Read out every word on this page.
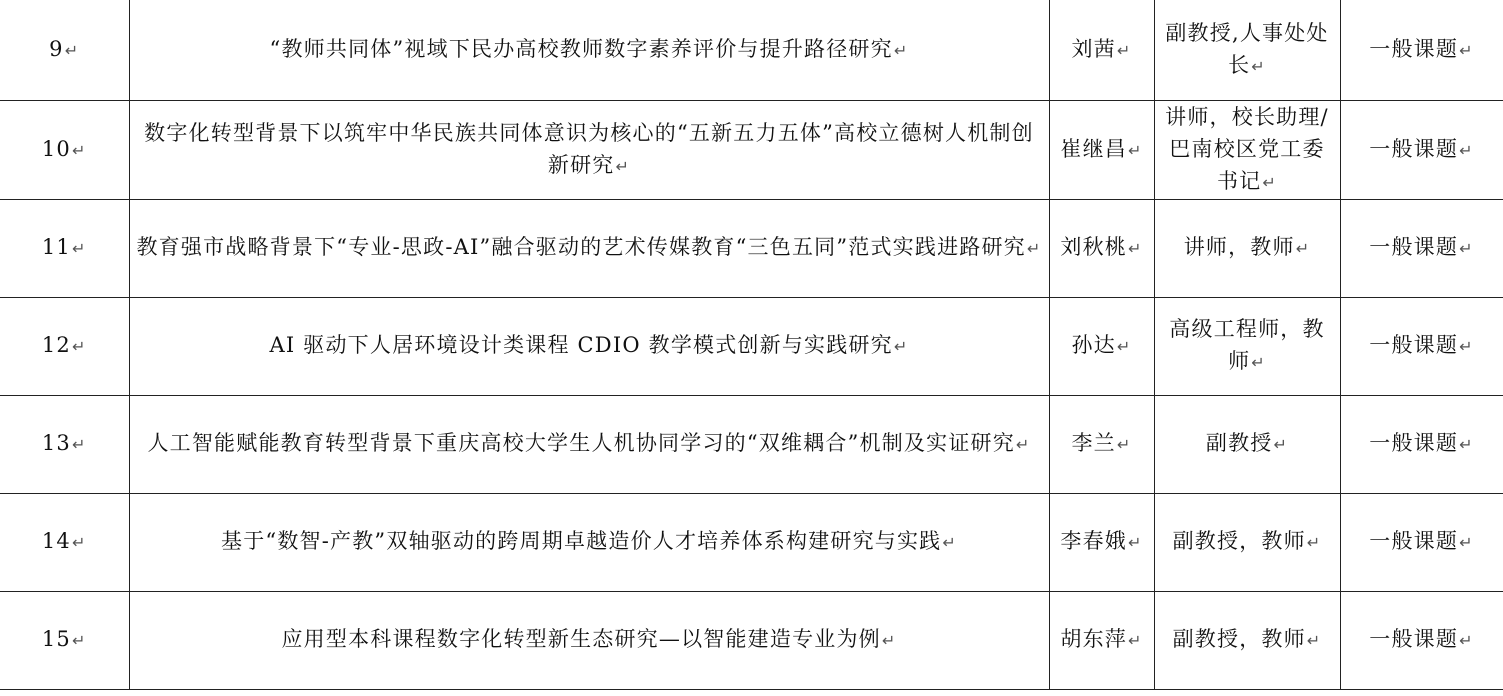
9↵	“教师共同体”视域下民办高校教师数字素养评价与提升路径研究↵	刘茜↵	副教授,人事处处长↵	一般课题↵
10↵	数字化转型背景下以筑牢中华民族共同体意识为核心的“五新五力五体”高校立德树人机制创新研究↵	崔继昌↵	讲师，校长助理/巴南校区党工委书记↵	一般课题↵
11↵	教育强市战略背景下“专业-思政-AI”融合驱动的艺术传媒教育“三色五同”范式实践进路研究↵	刘秋桃↵	讲师，教师↵	一般课题↵
12↵	AI 驱动下人居环境设计类课程 CDIO 教学模式创新与实践研究↵	孙达↵	高级工程师，教师↵	一般课题↵
13↵	人工智能赋能教育转型背景下重庆高校大学生人机协同学习的“双维耦合”机制及实证研究↵	李兰↵	副教授↵	一般课题↵
14↵	基于“数智-产教”双轴驱动的跨周期卓越造价人才培养体系构建研究与实践↵	李春娥↵	副教授，教师↵	一般课题↵
15↵	应用型本科课程数字化转型新生态研究—以智能建造专业为例↵	胡东萍↵	副教授，教师↵	一般课题↵
